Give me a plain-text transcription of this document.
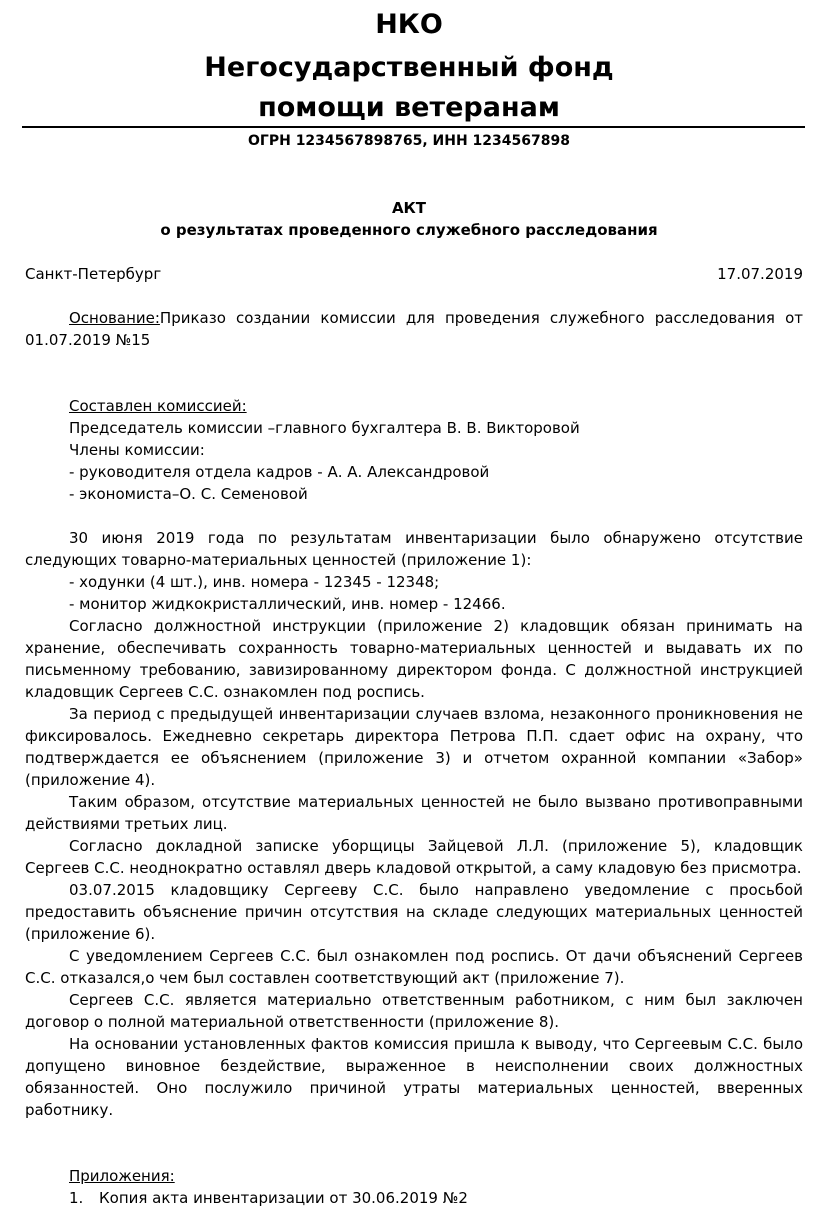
НКО
Негосударственный фонд
помощи ветеранам
ОГРН 1234567898765, ИНН 1234567898
АКТ
о результатах проведенного служебного расследования
Санкт-Петербург	17.07.2019

Основание:Приказо создании комиссии для проведения служебного расследования от 01.07.2019 №15

Составлен комиссией:

Председатель комиссии –главного бухгалтера В. В. Викторовой

Члены комиссии:

- руководителя отдела кадров - А. А. Александровой

- экономиста–О. С. Семеновой

30 июня 2019 года по результатам инвентаризации было обнаружено отсутствие следующих товарно-материальных ценностей (приложение 1):

- ходунки (4 шт.), инв. номера - 12345 - 12348;

- монитор жидкокристаллический, инв. номер - 12466.

Согласно должностной инструкции (приложение 2) кладовщик обязан принимать на хранение, обеспечивать сохранность товарно-материальных ценностей и выдавать их по письменному требованию, завизированному директором фонда. С должностной инструкцией кладовщик Сергеев С.С. ознакомлен под роспись.

За период с предыдущей инвентаризации случаев взлома, незаконного проникновения не фиксировалось. Ежедневно секретарь директора Петрова П.П. сдает офис на охрану, что подтверждается ее объяснением (приложение 3) и отчетом охранной компании «Забор» (приложение 4).

Таким образом, отсутствие материальных ценностей не было вызвано противоправными действиями третьих лиц.

Согласно докладной записке уборщицы Зайцевой Л.Л. (приложение 5), кладовщик Сергеев С.С. неоднократно оставлял дверь кладовой открытой, а саму кладовую без присмотра.

03.07.2015 кладовщику Сергееву С.С. было направлено уведомление с просьбой предоставить объяснение причин отсутствия на складе следующих материальных ценностей (приложение 6).

С уведомлением Сергеев С.С. был ознакомлен под роспись. От дачи объяснений Сергеев С.С. отказался,о чем был составлен соответствующий акт (приложение 7).

Сергеев С.С. является материально ответственным работником, с ним был заключен договор о полной материальной ответственности (приложение 8).

На основании установленных фактов комиссия пришла к выводу, что Сергеевым С.С. было допущено виновное бездействие, выраженное в неисполнении своих должностных обязанностей. Оно послужило причиной утраты материальных ценностей, вверенных работнику.

Приложения:

1. Копия акта инвентаризации от 30.06.2019 №2
